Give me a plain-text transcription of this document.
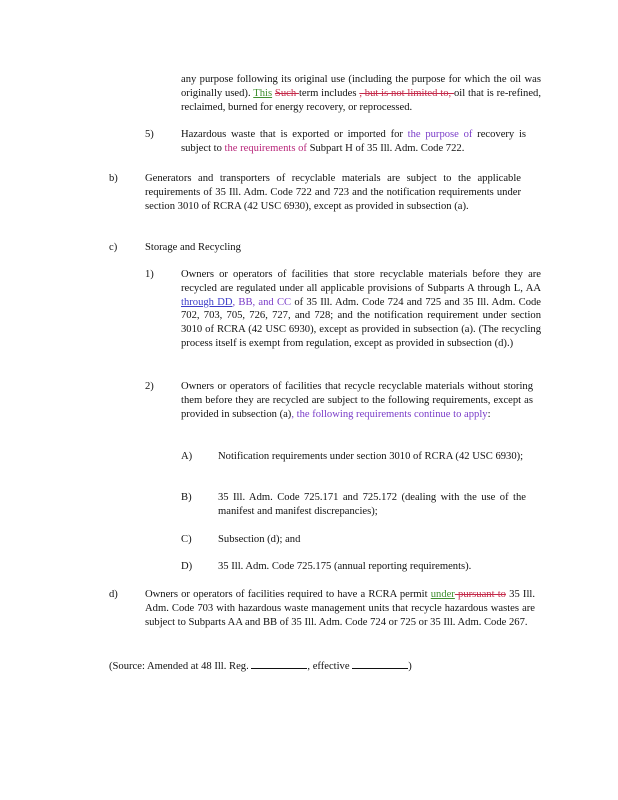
any purpose following its original use (including the purpose for which the oil was originally used). This Such term includes , but is not limited to, oil that is re-refined, reclaimed, burned for energy recovery, or reprocessed.
5)	Hazardous waste that is exported or imported for the purpose of recovery is subject to the requirements of Subpart H of 35 Ill. Adm. Code 722.
b)	Generators and transporters of recyclable materials are subject to the applicable requirements of 35 Ill. Adm. Code 722 and 723 and the notification requirements under section 3010 of RCRA (42 USC 6930), except as provided in subsection (a).
c)	Storage and Recycling
1)	Owners or operators of facilities that store recyclable materials before they are recycled are regulated under all applicable provisions of Subparts A through L, AA through DD, BB, and CC of 35 Ill. Adm. Code 724 and 725 and 35 Ill. Adm. Code 702, 703, 705, 726, 727, and 728; and the notification requirement under section 3010 of RCRA (42 USC 6930), except as provided in subsection (a). (The recycling process itself is exempt from regulation, except as provided in subsection (d).)
2)	Owners or operators of facilities that recycle recyclable materials without storing them before they are recycled are subject to the following requirements, except as provided in subsection (a), the following requirements continue to apply:
A) Notification requirements under section 3010 of RCRA (42 USC 6930);
B) 35 Ill. Adm. Code 725.171 and 725.172 (dealing with the use of the manifest and manifest discrepancies);
C) Subsection (d); and
D) 35 Ill. Adm. Code 725.175 (annual reporting requirements).
d)	Owners or operators of facilities required to have a RCRA permit under pursuant to 35 Ill. Adm. Code 703 with hazardous waste management units that recycle hazardous wastes are subject to Subparts AA and BB of 35 Ill. Adm. Code 724 or 725 or 35 Ill. Adm. Code 267.
(Source: Amended at 48 Ill. Reg.	, effective	)
